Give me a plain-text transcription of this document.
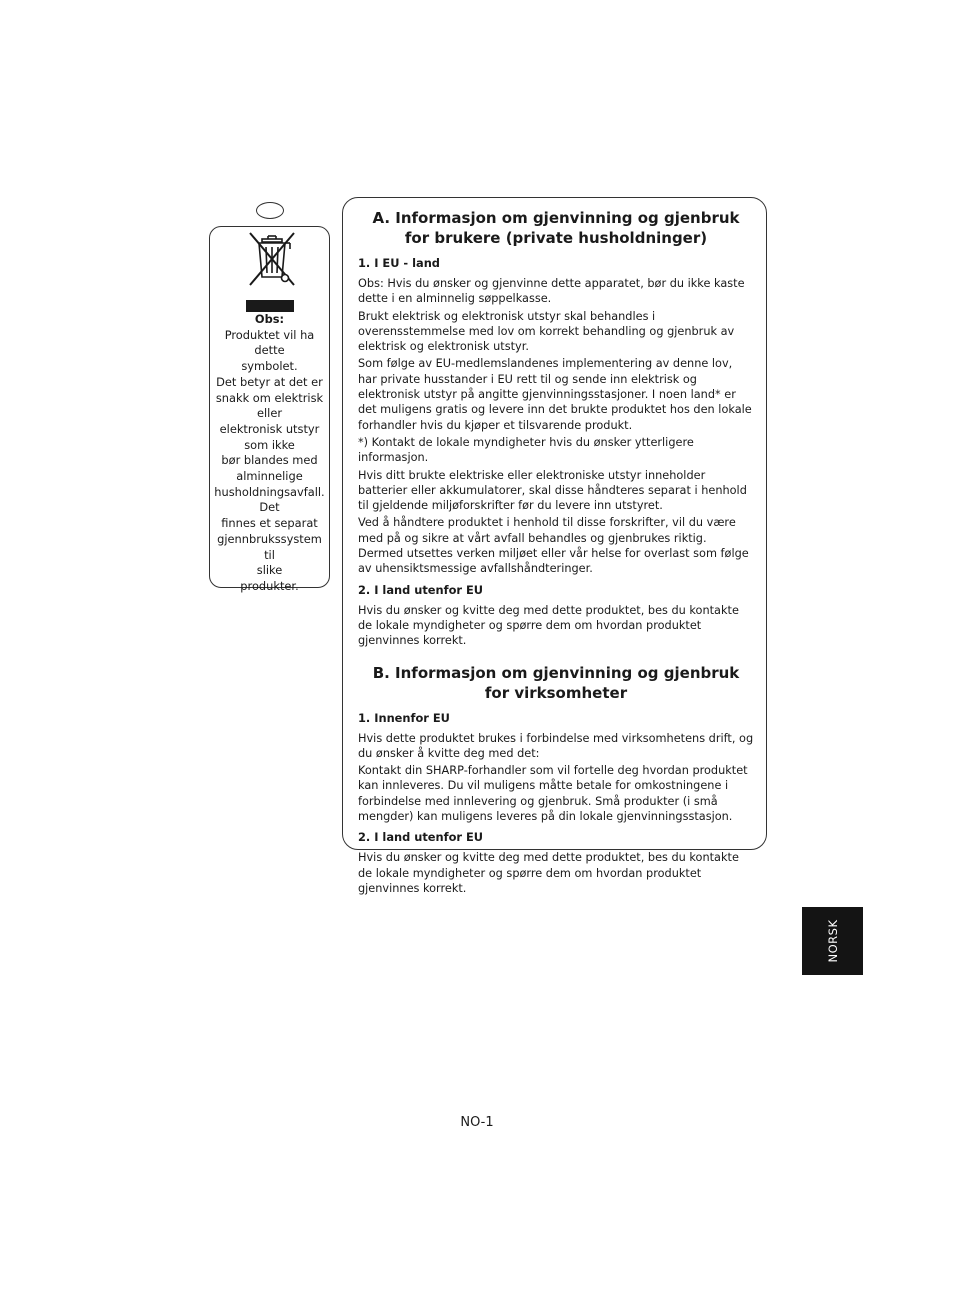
Obs:
Produktet vil ha
dette
symbolet.
Det betyr at det er
snakk om elektrisk
eller
elektronisk utstyr
som ikke
bør blandes med
alminnelige
husholdningsavfall.
Det
finnes et separat
gjennbrukssystem til
slike
produkter.
A. Informasjon om gjenvinning og gjenbruk for brukere (private husholdninger)
1. I EU - land

Obs: Hvis du ønsker og gjenvinne dette apparatet, bør du ikke kaste dette i en alminnelig søppelkasse.

Brukt elektrisk og elektronisk utstyr skal behandles i overensstemmelse med lov om korrekt behandling og gjenbruk av elektrisk og elektronisk utstyr.

Som følge av EU-medlemslandenes implementering av denne lov, har private husstander i EU rett til og sende inn elektrisk og elektronisk utstyr på angitte gjenvinningsstasjoner. I noen land* er det muligens gratis og levere inn det brukte produktet hos den lokale forhandler hvis du kjøper et tilsvarende produkt.

*) Kontakt de lokale myndigheter hvis du ønsker ytterligere informasjon.

Hvis ditt brukte elektriske eller elektroniske utstyr inneholder batterier eller akkumulatorer, skal disse håndteres separat i henhold til gjeldende miljøforskrifter før du levere inn utstyret.

Ved å håndtere produktet i henhold til disse forskrifter, vil du være med på og sikre at vårt avfall behandles og gjenbrukes riktig. Dermed utsettes verken miljøet eller vår helse for overlast som følge av uhensiktsmessige avfallshåndteringer.

2. I land utenfor EU

Hvis du ønsker og kvitte deg med dette produktet, bes du kontakte de lokale myndigheter og spørre dem om hvordan produktet gjenvinnes korrekt.

B. Informasjon om gjenvinning og gjenbruk for virksomheter
1. Innenfor EU

Hvis dette produktet brukes i forbindelse med virksomhetens drift, og du ønsker å kvitte deg med det:

Kontakt din SHARP-forhandler som vil fortelle deg hvordan produktet kan innleveres. Du vil muligens måtte betale for omkostningene i forbindelse med innlevering og gjenbruk. Små produkter (i små mengder) kan muligens leveres på din lokale gjenvinningsstasjon.

2. I land utenfor EU

Hvis du ønsker og kvitte deg med dette produktet, bes du kontakte de lokale myndigheter og spørre dem om hvordan produktet gjenvinnes korrekt.

NORSK
NO-1
